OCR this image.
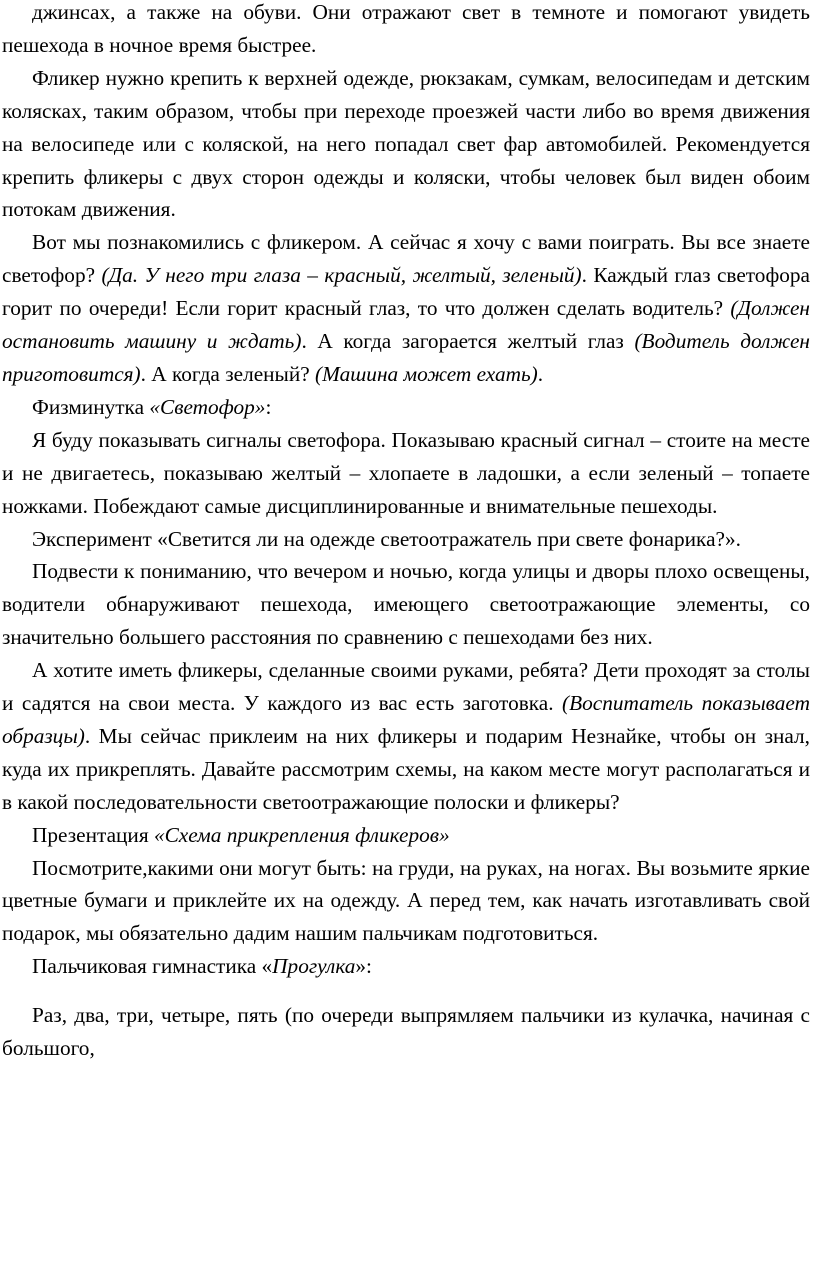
джинсах, а также на обуви. Они отражают свет в темноте и помогают увидеть пешехода в ночное время быстрее.

Фликер нужно крепить к верхней одежде, рюкзакам, сумкам, велосипедам и детским колясках, таким образом, чтобы при переходе проезжей части либо во время движения на велосипеде или с коляской, на него попадал свет фар автомобилей. Рекомендуется крепить фликеры с двух сторон одежды и коляски, чтобы человек был виден обоим потокам движения.

Вот мы познакомились с фликером. А сейчас я хочу с вами поиграть. Вы все знаете светофор? (Да. У него три глаза – красный, желтый, зеленый). Каждый глаз светофора горит по очереди! Если горит красный глаз, то что должен сделать водитель? (Должен остановить машину и ждать). А когда загорается желтый глаз (Водитель должен приготовится). А когда зеленый? (Машина может ехать).

Физминутка «Светофор»:

Я буду показывать сигналы светофора. Показываю красный сигнал – стоите на месте и не двигаетесь, показываю желтый – хлопаете в ладошки, а если зеленый – топаете ножками. Побеждают самые дисциплинированные и внимательные пешеходы.

Эксперимент «Светится ли на одежде светоотражатель при свете фонарика?».

Подвести к пониманию, что вечером и ночью, когда улицы и дворы плохо освещены, водители обнаруживают пешехода, имеющего светоотражающие элементы, со значительно большего расстояния по сравнению с пешеходами без них.

А хотите иметь фликеры, сделанные своими руками, ребята? Дети проходят за столы и садятся на свои места. У каждого из вас есть заготовка. (Воспитатель показывает образцы). Мы сейчас приклеим на них фликеры и подарим Незнайке, чтобы он знал, куда их прикреплять. Давайте рассмотрим схемы, на каком месте могут располагаться и в какой последовательности светоотражающие полоски и фликеры?

Презентация «Схема прикрепления фликеров»

Посмотрите,какими они могут быть: на груди, на руках, на ногах. Вы возьмите яркие цветные бумаги и приклейте их на одежду. А перед тем, как начать изготавливать свой подарок, мы обязательно дадим нашим пальчикам подготовиться.

Пальчиковая гимнастика «Прогулка»:

Раз, два, три, четыре, пять (по очереди выпрямляем пальчики из кулачка, начиная с большого,
